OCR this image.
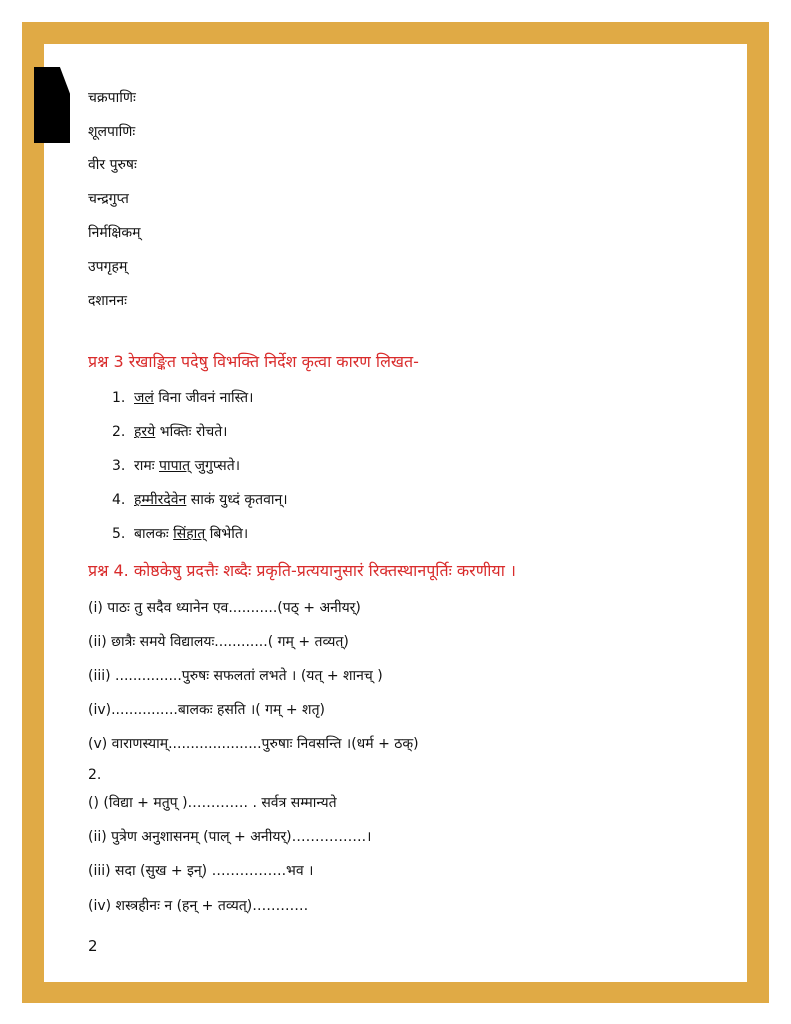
चक्रपाणिः
शूलपाणिः
वीर पुरुषः
चन्द्रगुप्त
निर्मक्षिकम्
उपगृहम्
दशाननः
प्रश्न 3 रेखाङ्कित पदेषु विभक्ति निर्देश कृत्वा कारण लिखत-
1. जलं विना जीवनं नास्ति।
2. हरये भक्तिः रोचते।
3. रामः पापात् जुगुप्सते।
4. हम्मीरदेवेन साकं युध्दं कृतवान्।
5. बालकः सिंहात् बिभेति।
प्रश्न 4. कोष्ठकेषु प्रदत्तैः शब्दैः प्रकृति-प्रत्ययानुसारं रिक्तस्थानपूर्तिः करणीया ।
(i) पाठः तु सदैव ध्यानेन एव...........(पठ् + अनीयर्)
(ii) छात्रैः समये विद्यालयः............( गम् + तव्यत्)
(iii) ...............पुरुषः सफलतां लभते । (यत् + शानच् )
(iv)...............बालकः हसति ।( गम् + शतृ)
(v) वाराणस्याम्.....................पुरुषाः निवसन्ति ।(धर्म + ठक्)
2.
() (विद्या + मतुप् )…………. . सर्वत्र सम्मान्यते
(ii) पुत्रेण अनुशासनम् (पाल् + अनीयर्)…………….।
(iii) सदा (सुख + इन्) …………….भव ।
(iv) शस्त्रहीनः न (हन् + तव्यत्)…………
2
